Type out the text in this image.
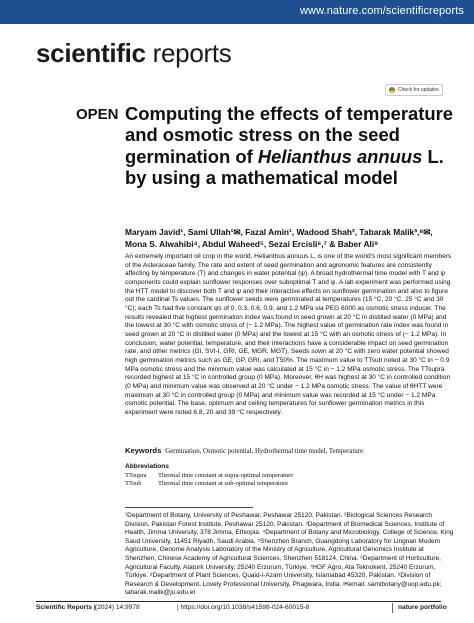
www.nature.com/scientificreports
scientific reports
Check for updates
OPEN Computing the effects of temperature and osmotic stress on the seed germination of Helianthus annuus L. by using a mathematical model
Maryam Javid¹, Sami Ullah¹✉, Fazal Amin¹, Wadood Shah², Tabarak Malik³,⁸✉, Mona S. Alwahibi⁴, Abdul Waheed⁵, Sezai Ercisli⁶,⁷ & Baber Ali⁹
An extremely important oil crop in the world, Helianthus annuus L. is one of the world's most significant members of the Asteraceae family. The rate and extent of seed germination and agronomic features are consistently affecting by temperature (T) and changes in water potential (ψ). A broad hydrothermal time model with T and ψ components could explain sunflower responses over suboptimal T and ψ. A lab experiment was performed using the HTT model to discover both T and ψ and their interactive effects on sunflower germination and also to figure out the cardinal Ts values. The sunflower seeds were germinated at temperatures (15 °C, 20 °C, 25 °C and 30 °C); each Ts had five constant ψs of 0, 0.3, 0.6, 0.9, and 1.2 MPa via PEG 6000 as osmotic stress inducer. The results revealed that highest germination index was found in seed grown at 20 °C in distilled water (0 MPa) and the lowest at 30 °C with osmotic stress of (− 1.2 MPa). The highest value of germination rate index was found in seed grown at 20 °C in distilled water (0 MPa) and the lowest at 15 °C with an osmotic stress of (− 1.2 MPa). In conclusion, water potential, temperature, and their interactions have a considerable impact on seed germination rate, and other metrics (GI, SVI-I, GRI, GE, MGR, MGT). Seeds sown at 20 °C with zero water potential showed high germination metrics such as GE, GP, GRI, and T50%. The maximum value to TTsub noted at 30 °C in − 0.9 MPa osmotic stress and the minimum value was calculated at 15 °C in − 1.2 MPa osmotic stress. The TTsupra recorded highest at 15 °C in controlled group (0 MPa). Moreover, θH was highest at 30 °C in controlled condition (0 MPa) and minimum value was observed at 20 °C under − 1.2 MPa osmotic stress. The value of θHTT were maximum at 30 °C in controlled group (0 MPa) and minimum value was recorded at 15 °C under − 1.2 MPa osmotic potential. The base, optimum and ceiling temperatures for sunflower germination metrics in this experiment were noted 6.8, 20 and 39 °C respectively.
Keywords Germination, Osmotic potential, Hydrothermal time model, Temperature
Abbreviations
TTsupra Thermal time constant at supra-optimal temperature
TTsub	Thermal time constant at sub-optimal temperature
¹Department of Botany, University of Peshawar, Peshawar 25120, Pakistan. ²Biological Sciences Research Division, Pakistan Forest Institute, Peshawar 25120, Pakistan. ³Department of Biomedical Sciences, Institute of Health, Jimma University, 378 Jimma, Ethiopia. ⁴Department of Botany and Microbiology, College of Science, King Saud University, 11451 Riyadh, Saudi Arabia. ⁵Shenzhen Branch, Guangdong Laboratory for Lingnan Modern Agriculture, Genome Analysis Laboratory of the Ministry of Agriculture, Agricultural Genomics Institute at Shenzhen, Chinese Academy of Agricultural Sciences, Shenzhen 518124, China. ⁶Department of Horticulture, Agricultural Faculty, Ataturk University, 25240 Erzurum, Türkiye. ⁷HGF Agro, Ata Teknokent, 25240 Erzurum, Türkiye. ⁸Department of Plant Sciences, Quaid-i-Azam University, Islamabad 45320, Pakistan. ⁹Division of Research & Development, Lovely Professional University, Phagwara, India. ✉email: samibotany@uop.edu.pk; tabarak.malik@ju.edu.et
Scientific Reports | (2024) 14:9978	| https://doi.org/10.1038/s41598-024-60015-8	nature portfolio
